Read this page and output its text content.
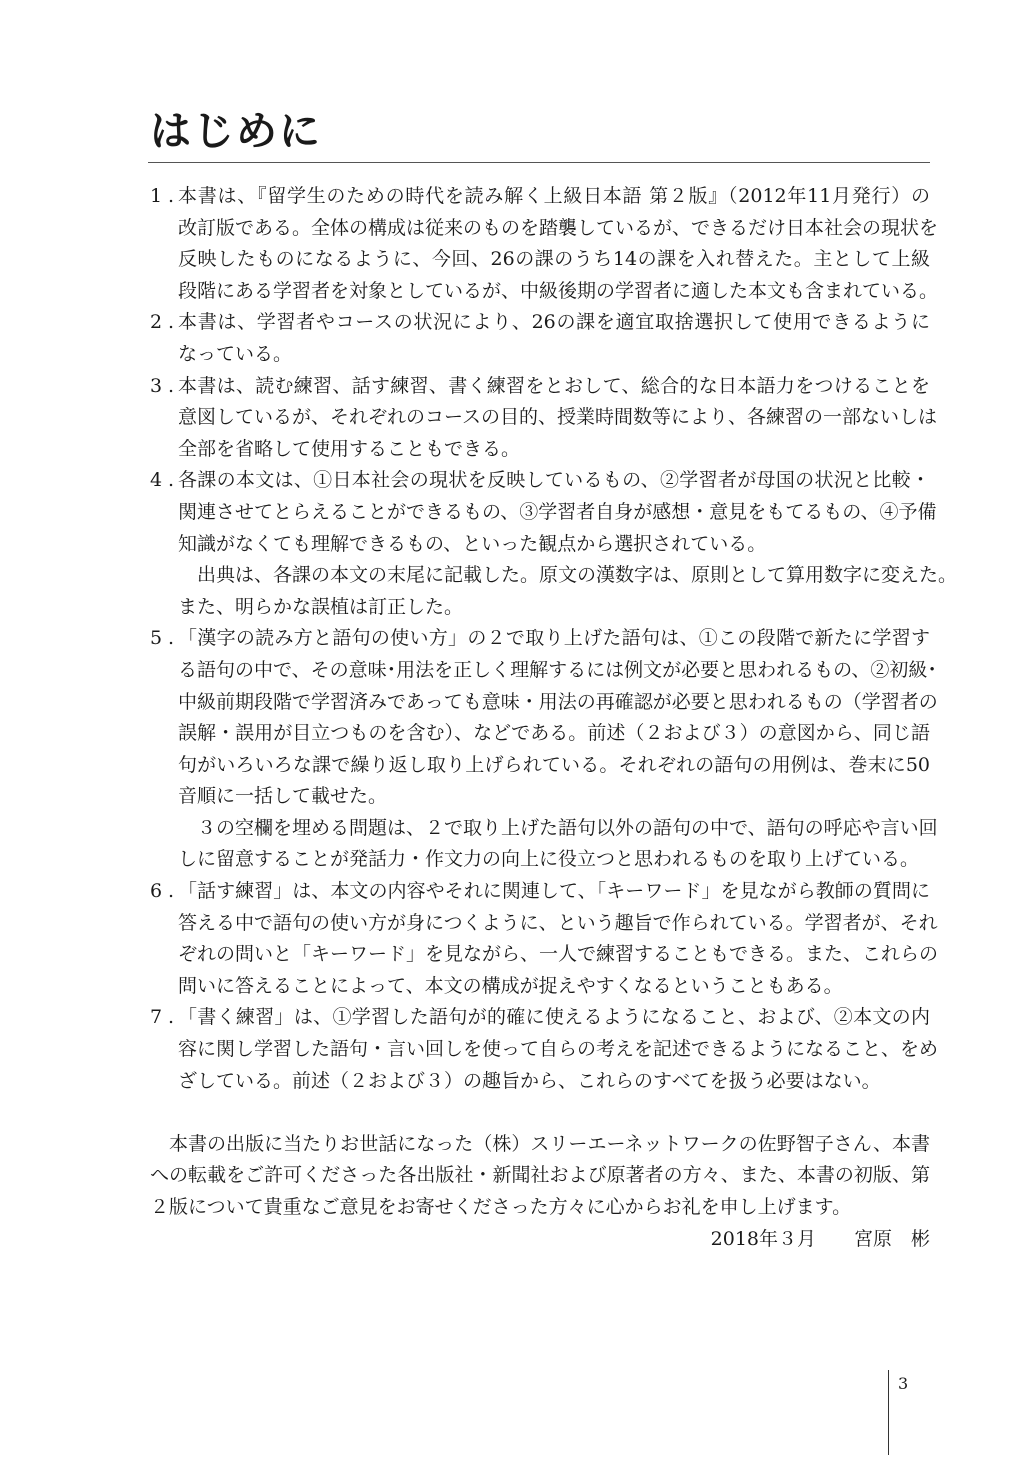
はじめに
1 . 本書は、『留学生のための時代を読み解く上級日本語 第２版』（2012年11月発行）の
改訂版である。全体の構成は従来のものを踏襲しているが、できるだけ日本社会の現状を
反映したものになるように、今回、26の課のうち14の課を入れ替えた。主として上級
段階にある学習者を対象としているが、中級後期の学習者に適した本文も含まれている。
2 . 本書は、学習者やコースの状況により、26の課を適宜取捨選択して使用できるように
なっている。
3 . 本書は、読む練習、話す練習、書く練習をとおして、総合的な日本語力をつけることを
意図しているが、それぞれのコースの目的、授業時間数等により、各練習の一部ないしは
全部を省略して使用することもできる。
4 . 各課の本文は、①日本社会の現状を反映しているもの、②学習者が母国の状況と比較・
関連させてとらえることができるもの、③学習者自身が感想・意見をもてるもの、④予備
知識がなくても理解できるもの、といった観点から選択されている。
出典は、各課の本文の末尾に記載した。原文の漢数字は、原則として算用数字に変えた。
また、明らかな誤植は訂正した。
5 . 「漢字の読み方と語句の使い方」の２で取り上げた語句は、①この段階で新たに学習す
る語句の中で、その意味･用法を正しく理解するには例文が必要と思われるもの、②初級･
中級前期段階で学習済みであっても意味・用法の再確認が必要と思われるもの（学習者の
誤解・誤用が目立つものを含む）、などである。前述（２および３）の意図から、同じ語
句がいろいろな課で繰り返し取り上げられている。それぞれの語句の用例は、巻末に50
音順に一括して載せた。
３の空欄を埋める問題は、２で取り上げた語句以外の語句の中で、語句の呼応や言い回
しに留意することが発話力・作文力の向上に役立つと思われるものを取り上げている。
6 . 「話す練習」は、本文の内容やそれに関連して、「キーワード」を見ながら教師の質問に
答える中で語句の使い方が身につくように、という趣旨で作られている。学習者が、それ
ぞれの問いと「キーワード」を見ながら、一人で練習することもできる。また、これらの
問いに答えることによって、本文の構成が捉えやすくなるということもある。
7 . 「書く練習」は、①学習した語句が的確に使えるようになること、および、②本文の内
容に関し学習した語句・言い回しを使って自らの考えを記述できるようになること、をめ
ざしている。前述（２および３）の趣旨から、これらのすべてを扱う必要はない。
本書の出版に当たりお世話になった（株）スリーエーネットワークの佐野智子さん、本書
への転載をご許可くださった各出版社・新聞社および原著者の方々、また、本書の初版、第
２版について貴重なご意見をお寄せくださった方々に心からお礼を申し上げます。
2018年３月　　宮原　彬
3
